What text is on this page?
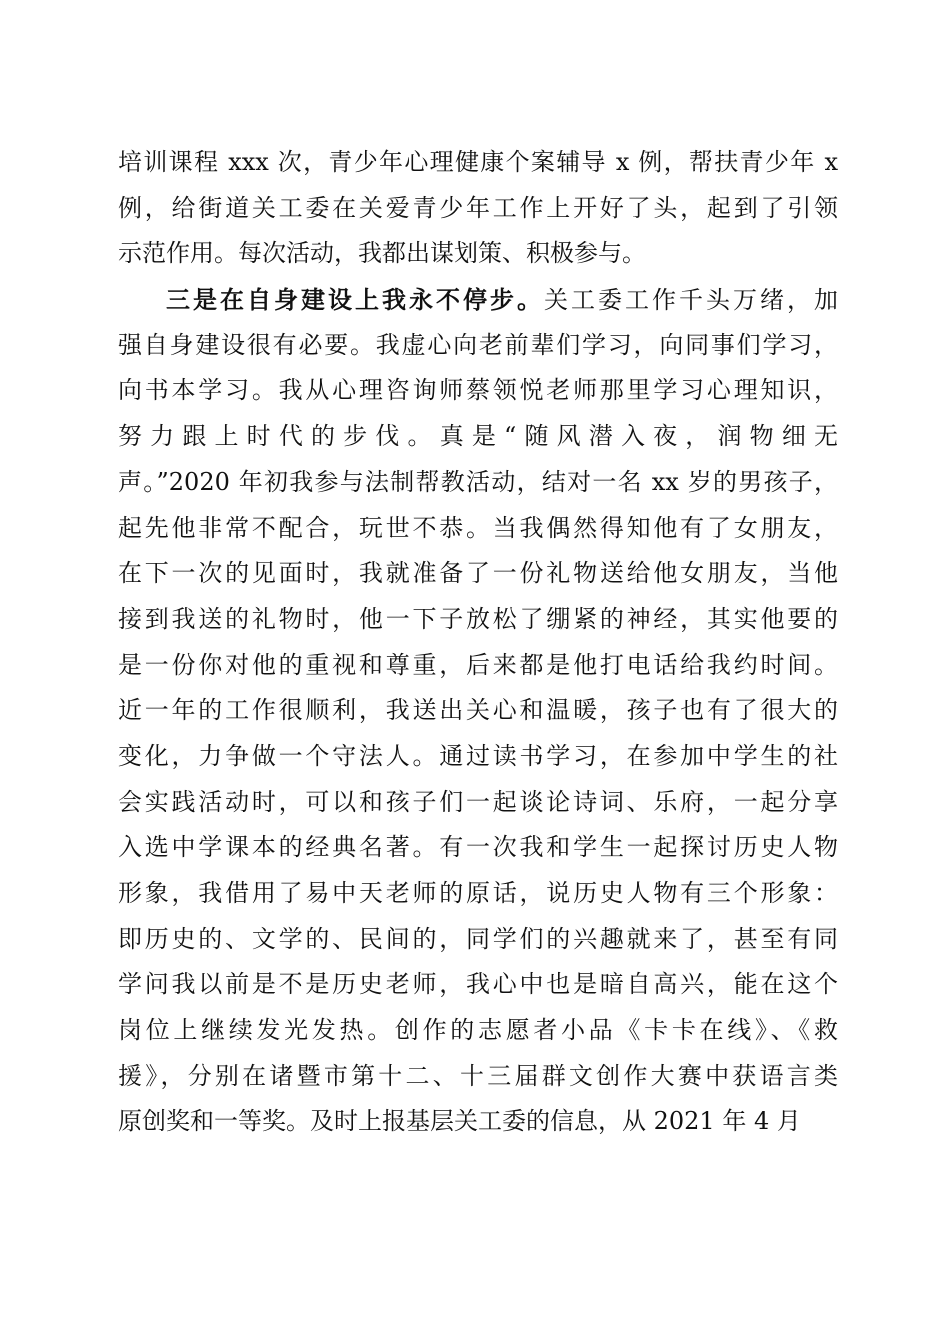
培训课程 xxx 次，青少年心理健康个案辅导 x 例，帮扶青少年 x
例，给街道关工委在关爱青少年工作上开好了头，起到了引领
示范作用。每次活动，我都出谋划策、积极参与。
三是在自身建设上我永不停步。关工委工作千头万绪，加
强自身建设很有必要。我虚心向老前辈们学习，向同事们学习，
向书本学习。我从心理咨询师蔡领悦老师那里学习心理知识，
努力跟上时代的步伐。真是“随风潜入夜，润物细无
声。”2020 年初我参与法制帮教活动，结对一名 xx 岁的男孩子，
起先他非常不配合，玩世不恭。当我偶然得知他有了女朋友，
在下一次的见面时，我就准备了一份礼物送给他女朋友，当他
接到我送的礼物时，他一下子放松了绷紧的神经，其实他要的
是一份你对他的重视和尊重，后来都是他打电话给我约时间。
近一年的工作很顺利，我送出关心和温暖，孩子也有了很大的
变化，力争做一个守法人。通过读书学习，在参加中学生的社
会实践活动时，可以和孩子们一起谈论诗词、乐府，一起分享
入选中学课本的经典名著。有一次我和学生一起探讨历史人物
形象，我借用了易中天老师的原话，说历史人物有三个形象：
即历史的、文学的、民间的，同学们的兴趣就来了，甚至有同
学问我以前是不是历史老师，我心中也是暗自高兴，能在这个
岗位上继续发光发热。创作的志愿者小品《卡卡在线》、《救
援》，分别在诸暨市第十二、十三届群文创作大赛中获语言类
原创奖和一等奖。及时上报基层关工委的信息，从 2021 年 4 月
